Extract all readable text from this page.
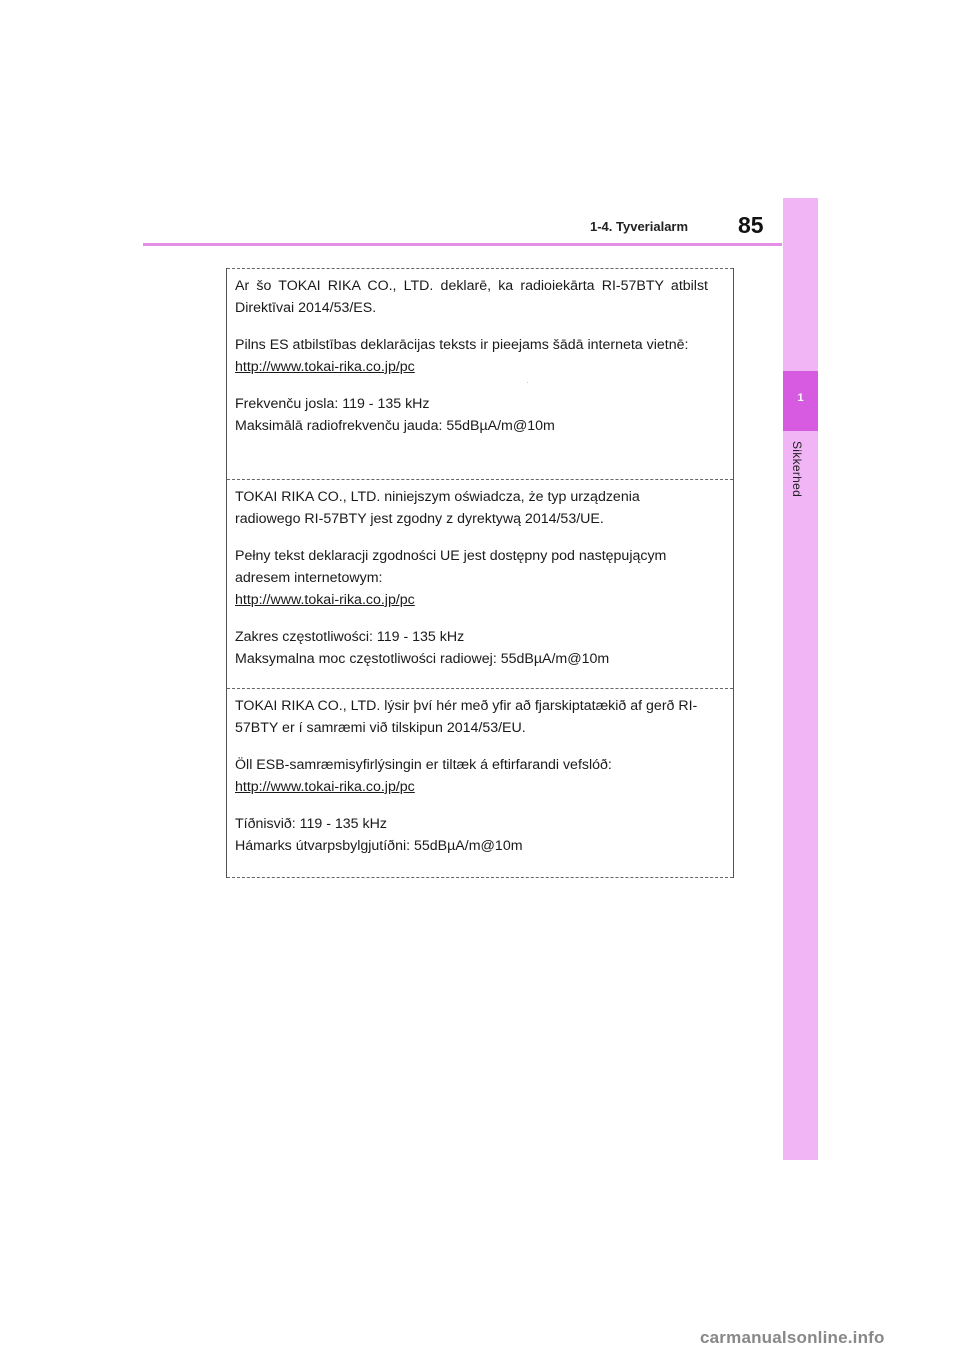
1-4. Tyverialarm 85
1
Sikkerhed

Ar šo TOKAI RIKA CO., LTD. deklarē, ka radioiekārta RI-57BTY atbilst Direktīvai 2014/53/ES.

Pilns ES atbilstības deklarācijas teksts ir pieejams šādā interneta vietnē:

http://www.tokai-rika.co.jp/pc

Frekvenču josla: 119 - 135 kHz

Maksimālā radiofrekvenču jauda: 55dBµA/m@10m

TOKAI RIKA CO., LTD. niniejszym oświadcza, że typ urządzenia radiowego RI-57BTY jest zgodny z dyrektywą 2014/53/UE.

Pełny tekst deklaracji zgodności UE jest dostępny pod następującym adresem internetowym:

http://www.tokai-rika.co.jp/pc

Zakres częstotliwości: 119 - 135 kHz

Maksymalna moc częstotliwości radiowej: 55dBµA/m@10m

TOKAI RIKA CO., LTD. lýsir því hér með yfir að fjarskiptatækið af gerð RI-57BTY er í samræmi við tilskipun 2014/53/EU.

Öll ESB-samræmisyfirlýsingin er tiltæk á eftirfarandi vefslóð:

http://www.tokai-rika.co.jp/pc

Tíðnisvið: 119 - 135 kHz

Hámarks útvarpsbylgjutíðni: 55dBµA/m@10m

carmanualsonline.info
